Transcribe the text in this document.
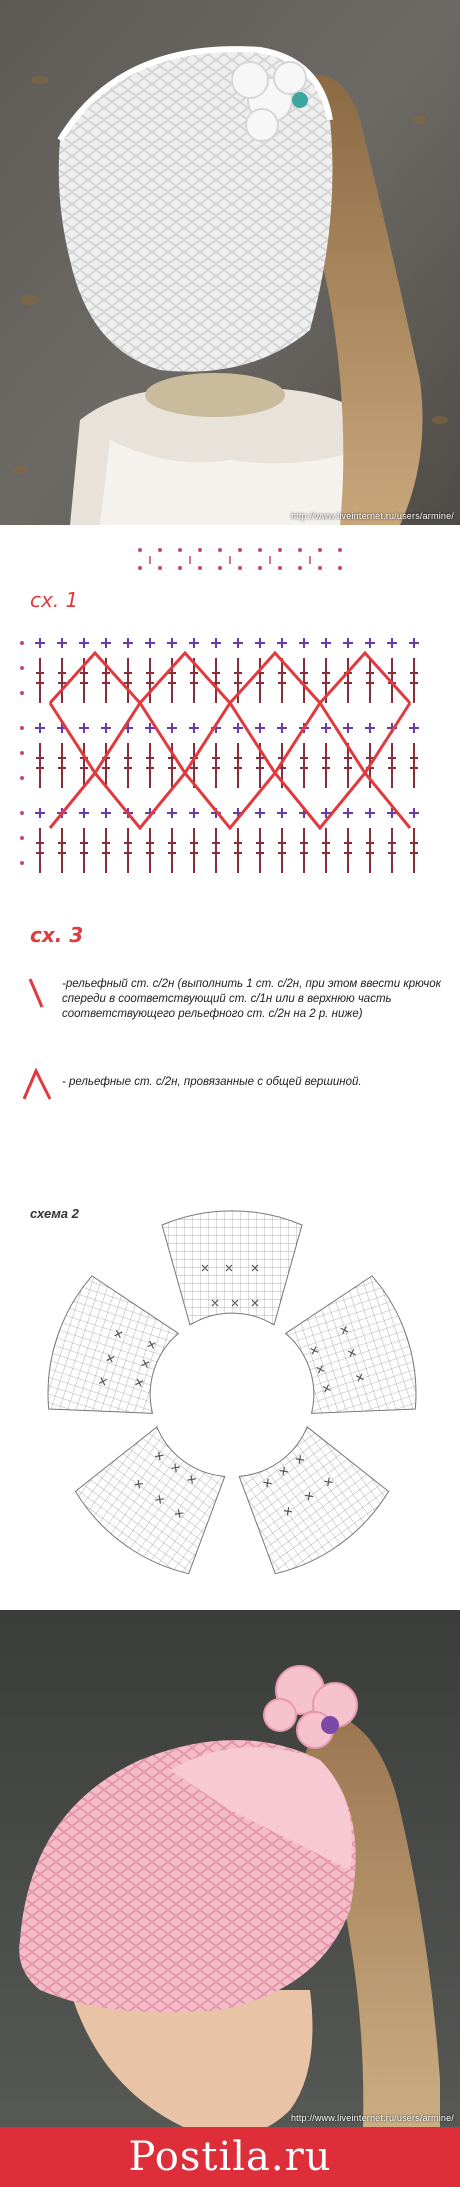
http://www.liveinternet.ru/users/armine/
сх. 1
сх. 3
-рельефный ст. с/2н (выполнить 1 ст. с/2н, при этом ввести крючок спереди в соответствующий ст. с/1н или в верхнюю часть соответствующего рельефного ст. с/2н на 2 р. ниже)
- рельефные ст. с/2н, провязанные с общей вершиной.
схема 2
http://www.liveinternet.ru/users/armine/
Postila.ru
